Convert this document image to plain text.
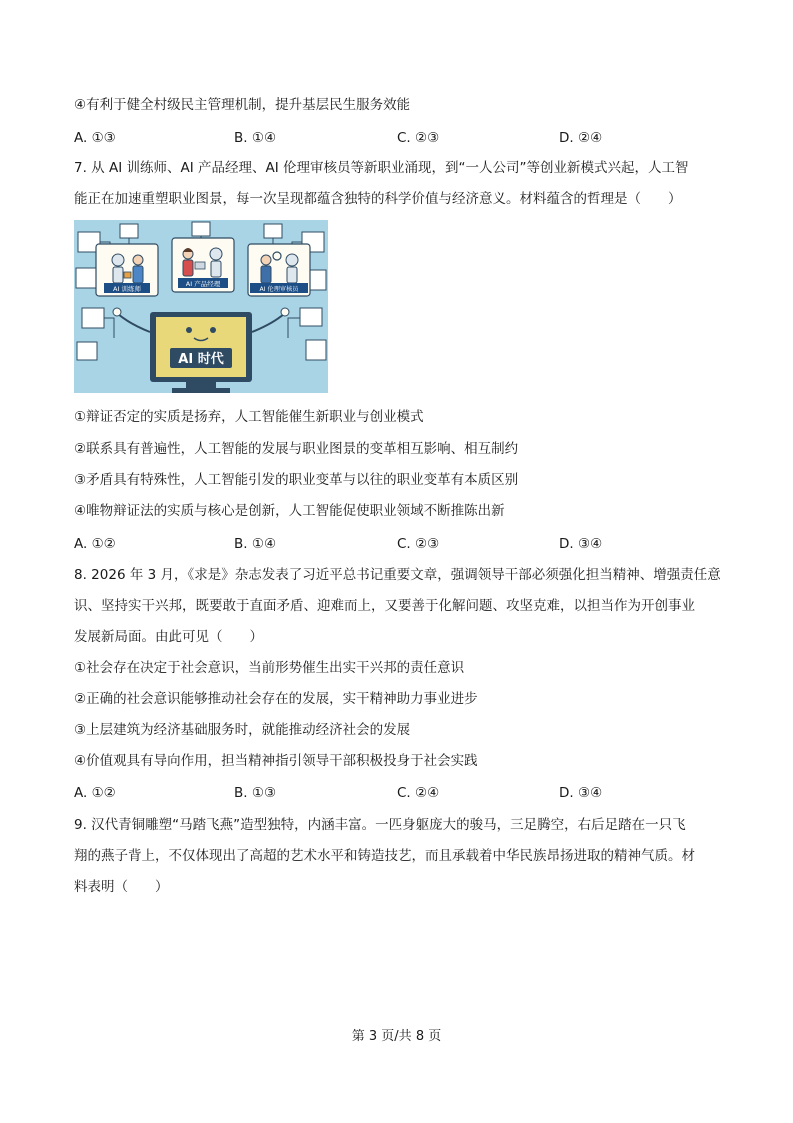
④有利于健全村级民主管理机制，提升基层民生服务效能
A. ①③	B. ①④	C. ②③	D. ②④
7. 从 AI 训练师、AI 产品经理、AI 伦理审核员等新职业涌现，到“一人公司”等创业新模式兴起，人工智
能正在加速重塑职业图景，每一次呈现都蕴含独特的科学价值与经济意义。材料蕴含的哲理是（　　）
AI 训练师
AI 产品经理
AI 伦理审核员
AI 时代
①辩证否定的实质是扬弃，人工智能催生新职业与创业模式
②联系具有普遍性，人工智能的发展与职业图景的变革相互影响、相互制约
③矛盾具有特殊性，人工智能引发的职业变革与以往的职业变革有本质区别
④唯物辩证法的实质与核心是创新，人工智能促使职业领域不断推陈出新
A. ①②	B. ①④	C. ②③	D. ③④
8. 2026 年 3 月，《求是》杂志发表了习近平总书记重要文章，强调领导干部必须强化担当精神、增强责任意
识、坚持实干兴邦，既要敢于直面矛盾、迎难而上，又要善于化解问题、攻坚克难，以担当作为开创事业
发展新局面。由此可见（　　）
①社会存在决定于社会意识，当前形势催生出实干兴邦的责任意识
②正确的社会意识能够推动社会存在的发展，实干精神助力事业进步
③上层建筑为经济基础服务时，就能推动经济社会的发展
④价值观具有导向作用，担当精神指引领导干部积极投身于社会实践
A. ①②	B. ①③	C. ②④	D. ③④
9. 汉代青铜雕塑“马踏飞燕”造型独特，内涵丰富。一匹身躯庞大的骏马，三足腾空，右后足踏在一只飞
翔的燕子背上，不仅体现出了高超的艺术水平和铸造技艺，而且承载着中华民族昂扬进取的精神气质。材
料表明（　　）
第 3 页/共 8 页
